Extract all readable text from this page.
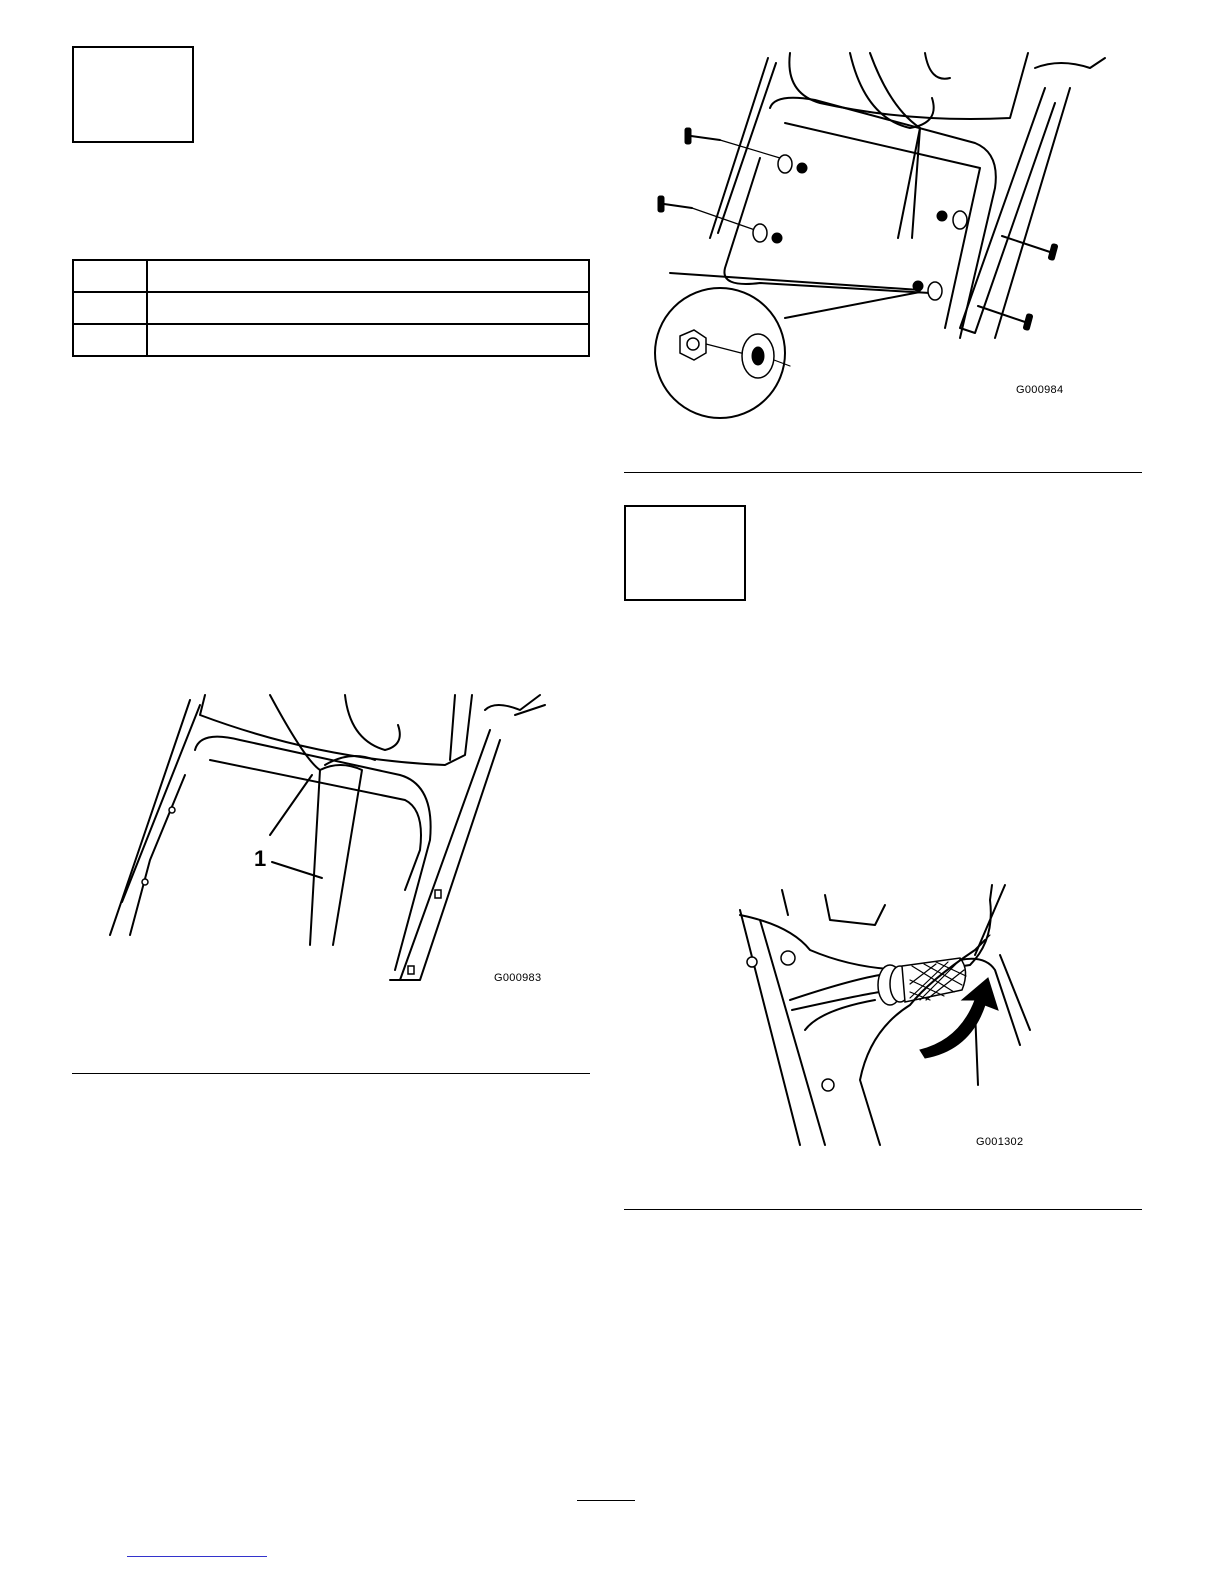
1
G000983
G000984
G001302
